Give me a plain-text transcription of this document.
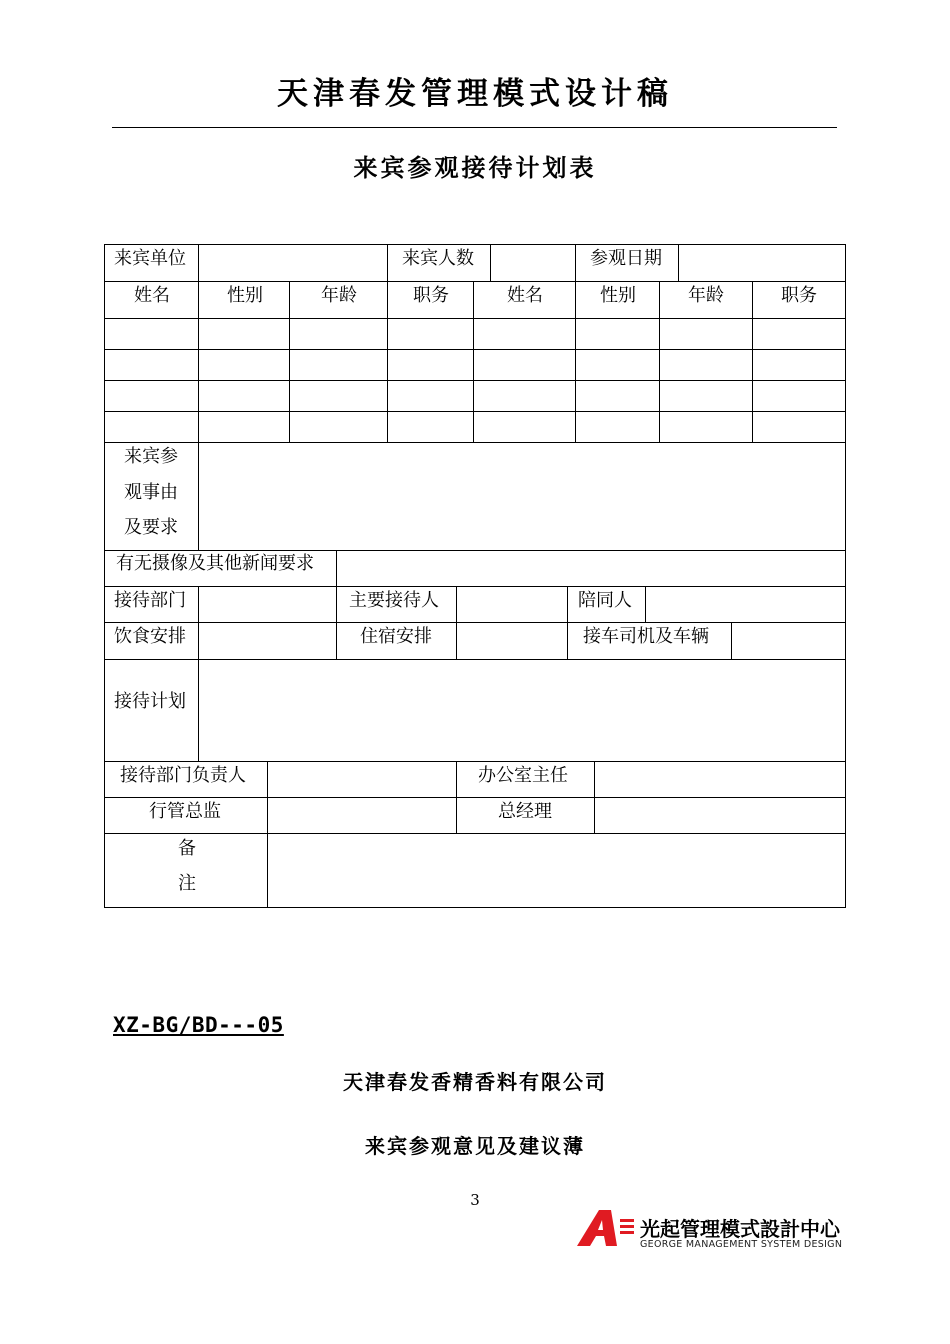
天津春发管理模式设计稿
来宾参观接待计划表
来宾单位	来宾人数	参观日期
姓名	性别	年龄	职务	姓名	性别	年龄	职务
来宾参
观事由
及要求
有无摄像及其他新闻要求
接待部门	主要接待人	陪同人
饮食安排	住宿安排	接车司机及车辆
接待计划
接待部门负责人	办公室主任
行管总监	总经理
备
注
XZ-BG/BD---05
天津春发香精香料有限公司
来宾参观意见及建议薄
3
光起管理模式設計中心
GEORGE MANAGEMENT SYSTEM DESIGN
